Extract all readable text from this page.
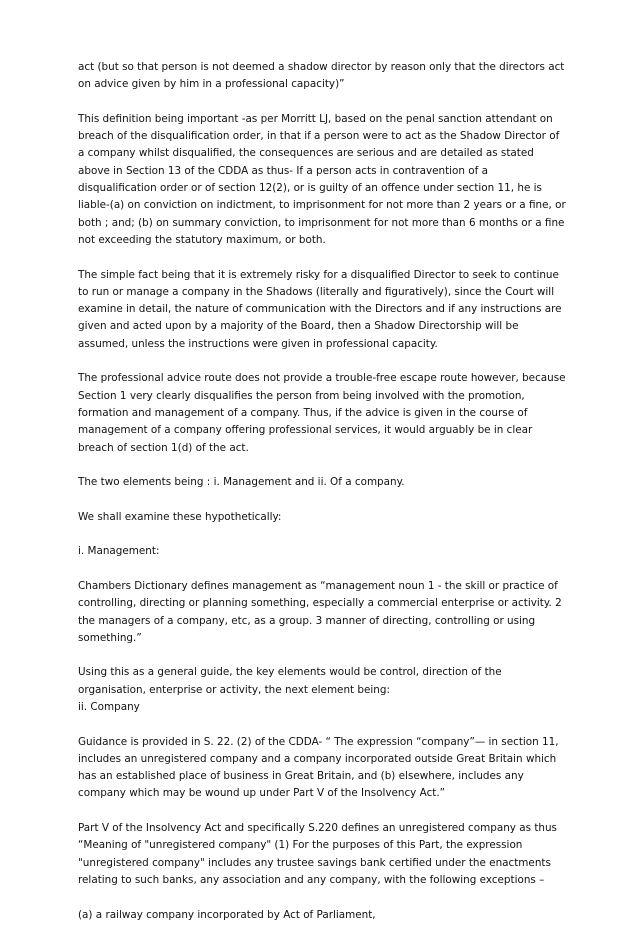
act (but so that person is not deemed a shadow director by reason only that the directors act on advice given by him in a professional capacity)”

This definition being important -as per Morritt LJ, based on the penal sanction attendant on breach of the disqualification order, in that if a person were to act as the Shadow Director of a company whilst disqualified, the consequences are serious and are detailed as stated above in Section 13 of the CDDA as thus- If a person acts in contravention of a disqualification order or of section 12(2), or is guilty of an offence under section 11, he is liable-(a) on conviction on indictment, to imprisonment for not more than 2 years or a fine, or both ; and; (b) on summary conviction, to imprisonment for not more than 6 months or a fine not exceeding the statutory maximum, or both.

The simple fact being that it is extremely risky for a disqualified Director to seek to continue to run or manage a company in the Shadows (literally and figuratively), since the Court will examine in detail, the nature of communication with the Directors and if any instructions are given and acted upon by a majority of the Board, then a Shadow Directorship will be assumed, unless the instructions were given in professional capacity.

The professional advice route does not provide a trouble-free escape route however, because Section 1 very clearly disqualifies the person from being involved with the promotion, formation and management of a company. Thus, if the advice is given in the course of management of a company offering professional services, it would arguably be in clear breach of section 1(d) of the act.

The two elements being : i. Management and ii. Of a company.

We shall examine these hypothetically:

i. Management:

Chambers Dictionary defines management as “management noun 1 - the skill or practice of controlling, directing or planning something, especially a commercial enterprise or activity. 2 the managers of a company, etc, as a group. 3 manner of directing, controlling or using something.”

Using this as a general guide, the key elements would be control, direction of the organisation, enterprise or activity, the next element being:

ii. Company

Guidance is provided in S. 22. (2) of the CDDA- “ The expression “company”— in section 11, includes an unregistered company and a company incorporated outside Great Britain which has an established place of business in Great Britain, and (b) elsewhere, includes any company which may be wound up under Part V of the Insolvency Act.”

Part V of the Insolvency Act and specifically S.220 defines an unregistered company as thus “Meaning of "unregistered company" (1) For the purposes of this Part, the expression "unregistered company" includes any trustee savings bank certified under the enactments relating to such banks, any association and any company, with the following exceptions –

(a) a railway company incorporated by Act of Parliament,
